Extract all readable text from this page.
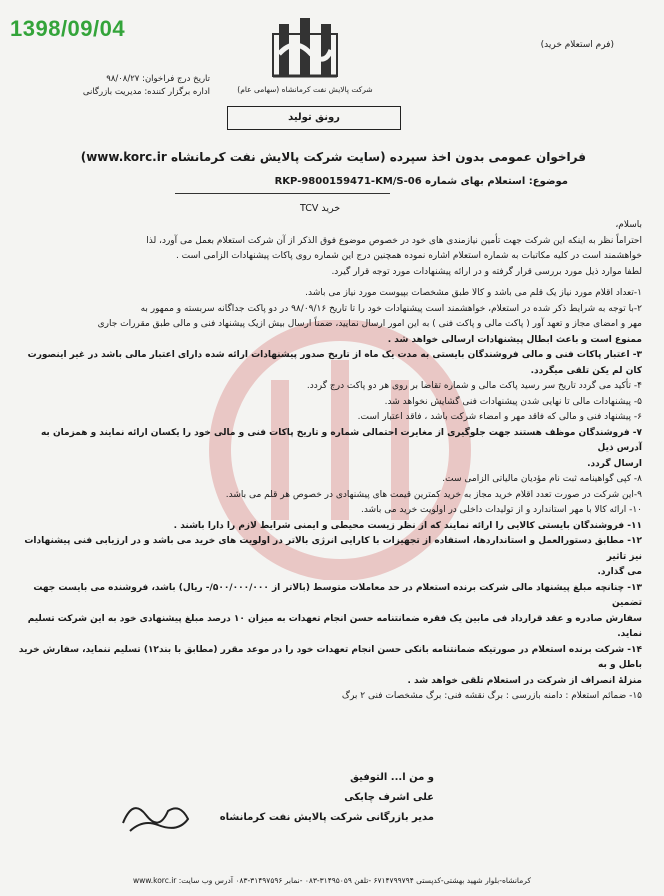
1398/09/04
(فرم استعلام خرید)
شرکت پالایش نفت کرمانشاه (سهامی عام)
تاریخ درج فراخوان: ۹۸/۰۸/۲۷
اداره برگزار کننده: مدیریت بازرگانی
رونق تولید
فراخوان عمومی بدون اخذ سپرده (سایت شرکت پالایش نفت کرمانشاه www.korc.ir)
موضوع: استعلام بهای شماره RKP-9800159471-KM/S-06
خرید TCV

باسلام،

احتراماً نظر به اینکه این شرکت جهت تأمین نیازمندی های خود در خصوص موضوع فوق الذکر از آن شرکت استعلام بعمل می آورد، لذا

خواهشمند است در کلیه مکاتبات به شماره استعلام اشاره نموده همچنین درج این شماره روی پاکات پیشنهادات الزامی است .

لطفا موارد ذیل مورد بررسی قرار گرفته و در ارائه پیشنهادات مورد توجه قرار گیرد.

۱-تعداد اقلام مورد نیاز یک قلم می باشد و کالا طبق مشخصات بپیوست مورد نیاز می باشد.

۲-با توجه به شرایط ذکر شده در استعلام، خواهشمند است پیشنهادات خود را تا تاریخ ۹۸/۰۹/۱۶ در دو پاکت جداگانه سربسته و ممهور به

مهر و امضای مجاز و تعهد آور ( پاکت مالی و پاکت فنی ) به این امور ارسال نمایید، ضمناً ارسال بیش ازیک پیشنهاد فنی و مالی طبق مقررات جاری

ممنوع است و باعث ابطال پیشنهادات ارسالی خواهد شد .

۳- اعتبار پاکات فنی و مالی فروشندگان بایستی به مدت یک ماه از تاریخ صدور پیشنهادات ارائه شده دارای اعتبار مالی باشد در غیر اینصورت کان لم یکن تلقی میگردد.

۴- تأکید می گردد تاریخ سر رسید پاکت مالی و شماره تقاضا بر روی هر دو پاکت درج گردد.

۵- پیشنهادات مالی تا نهایی شدن پیشنهادات فنی گشایش نخواهد شد.

۶- پیشنهاد فنی و مالی که فاقد مهر و امضاء شرکت باشد ، فاقد اعتبار است.

۷- فروشندگان موظف هستند جهت جلوگیری از مغایرت احتمالی شماره و تاریخ پاکات فنی و مالی خود را یکسان ارائه نمایند و همزمان به آدرس ذیل

ارسال گردد.

۸- کپی گواهینامه ثبت نام مؤدیان مالیاتی الزامی ست.

۹-این شرکت در صورت تعدد اقلام خرید مجاز به خرید کمترین قیمت های پیشنهادی در خصوص هر قلم می باشد.

۱۰- ارائه کالا با مهر استاندارد و از تولیدات داخلی در اولویت خرید می باشد.

۱۱- فروشندگان بایستی کالایی را ارائه نمایند که از نظر زیست محیطی و ایمنی شرایط لازم را دارا باشند .

۱۲- مطابق دستورالعمل و استانداردها، استفاده از تجهیزات با کارایی انرژی بالاتر در اولویت های خرید می باشد و در ارزیابی فنی پیشنهادات نیز تاثیر

می گذارد.

۱۳- چنانچه مبلغ پیشنهاد مالی شرکت برنده استعلام در حد معاملات متوسط (بالاتر از ۵۰۰/۰۰۰/۰۰۰/- ریال) باشد، فروشنده می بایست جهت تضمین

سفارش صادره و عقد قرارداد فی مابین یک فقره ضمانتنامه حسن انجام تعهدات به میزان ۱۰ درصد مبلغ پیشنهادی خود به این شرکت تسلیم نماید.

۱۴- شرکت برنده استعلام در صورتیکه ضمانتنامه بانکی حسن انجام تعهدات خود را در موعد مقرر (مطابق با بند۱۲) تسلیم ننماید، سفارش خرید باطل و به

منزلهٔ انصراف از شرکت در استعلام تلقی خواهد شد .

۱۵- ضمائم استعلام : دامنه بازرسی : برگ نقشه فنی: برگ مشخصات فنی ۲ برگ

و من ا... التوفیق
علی اشرف چابکی
مدیر بازرگانی شرکت پالایش نفت کرمانشاه
کرمانشاه-بلوار شهید بهشتی-کدپستی ۶۷۱۴۷۹۹۷۹۴ -تلفن ۳۱۴۹۵۰۵۹-۰۸۳ -نمابر ۳۱۴۹۷۵۹۶-۰۸۳ آدرس وب سایت: www.korc.ir
